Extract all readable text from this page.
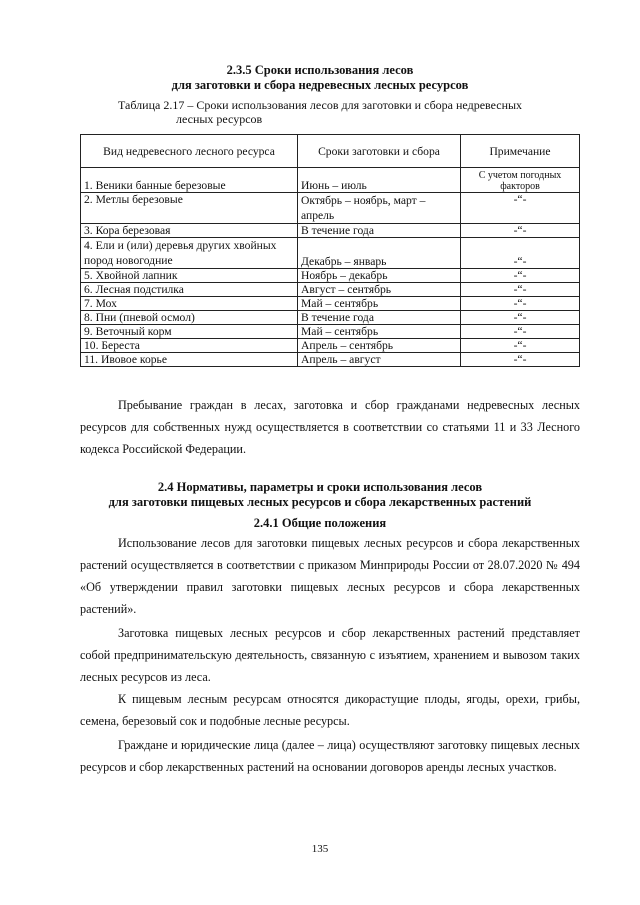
2.3.5 Сроки использования лесов
для заготовки и сбора недревесных лесных ресурсов
Таблица 2.17 – Сроки использования лесов для заготовки и сбора недревесных
лесных ресурсов
Вид недревесного лесного ресурса	Сроки заготовки и сбора	Примечание
1. Веники банные березовые	Июнь – июль	С учетом погодных факторов
2. Метлы березовые	Октябрь – ноябрь, март – апрель	-“-
3. Кора березовая	В течение года	-“-
4. Ели и (или) деревья других хвойных пород новогодние	Декабрь – январь	-“-
5. Хвойной лапник	Ноябрь – декабрь	-“-
6. Лесная подстилка	Август – сентябрь	-“-
7. Мох	Май – сентябрь	-“-
8. Пни (пневой осмол)	В течение года	-“-
9. Веточный корм	Май – сентябрь	-“-
10. Береста	Апрель – сентябрь	-“-
11. Ивовое корье	Апрель – август	-“-
Пребывание граждан в лесах, заготовка и сбор гражданами недревесных лесных ресурсов для собственных нужд осуществляется в соответствии со статьями 11 и 33 Лесного кодекса Российской Федерации.
2.4 Нормативы, параметры и сроки использования лесов
для заготовки пищевых лесных ресурсов и сбора лекарственных растений
2.4.1 Общие положения
Использование лесов для заготовки пищевых лесных ресурсов и сбора лекарственных растений осуществляется в соответствии с приказом Минприроды России от 28.07.2020 № 494 «Об утверждении правил заготовки пищевых лесных ресурсов и сбора лекарственных растений».
Заготовка пищевых лесных ресурсов и сбор лекарственных растений представляет собой предпринимательскую деятельность, связанную с изъятием, хранением и вывозом таких лесных ресурсов из леса.
К пищевым лесным ресурсам относятся дикорастущие плоды, ягоды, орехи, грибы, семена, березовый сок и подобные лесные ресурсы.
Граждане и юридические лица (далее – лица) осуществляют заготовку пищевых лесных ресурсов и сбор лекарственных растений на основании договоров аренды лесных участков.
135
